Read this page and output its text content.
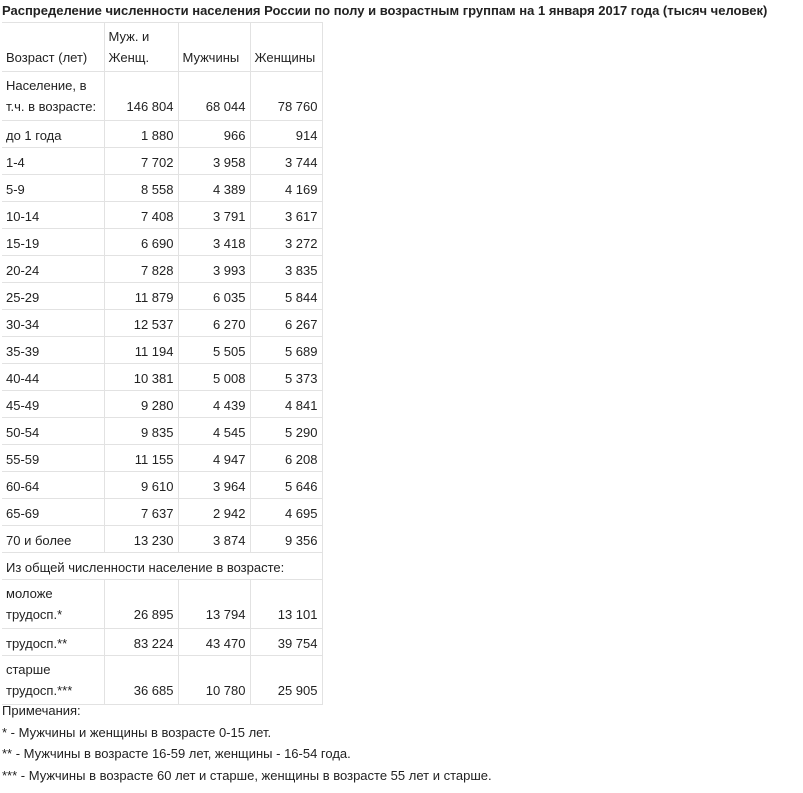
Распределение численности населения России по полу и возрастным группам на 1 января 2017 года (тысяч человек)
Возраст (лет)	Муж. и Женщ.	Мужчины	Женщины
Население, в т.ч. в возрасте:	146 804	68 044	78 760
до 1 года	1 880	966	914
1-4	7 702	3 958	3 744
5-9	8 558	4 389	4 169
10-14	7 408	3 791	3 617
15-19	6 690	3 418	3 272
20-24	7 828	3 993	3 835
25-29	11 879	6 035	5 844
30-34	12 537	6 270	6 267
35-39	11 194	5 505	5 689
40-44	10 381	5 008	5 373
45-49	9 280	4 439	4 841
50-54	9 835	4 545	5 290
55-59	11 155	4 947	6 208
60-64	9 610	3 964	5 646
65-69	7 637	2 942	4 695
70 и более	13 230	3 874	9 356
Из общей численности население в возрасте:			
моложе трудосп.*	26 895	13 794	13 101
трудосп.**	83 224	43 470	39 754
старше трудосп.***	36 685	10 780	25 905
Примечания:
* - Мужчины и женщины в возрасте 0-15 лет.
** - Мужчины в возрасте 16-59 лет, женщины - 16-54 года.
*** - Мужчины в возрасте 60 лет и старше, женщины в возрасте 55 лет и старше.
